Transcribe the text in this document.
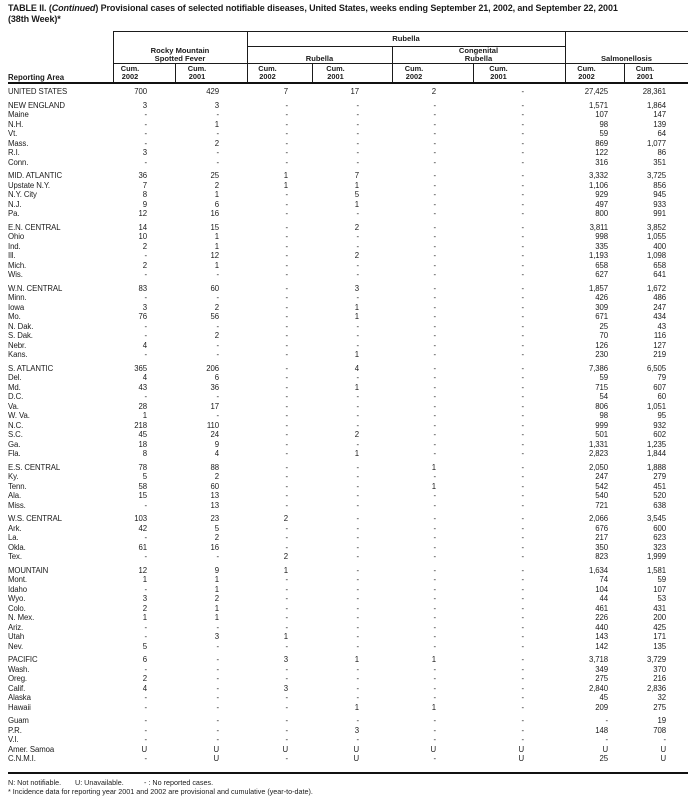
TABLE II. (Continued) Provisional cases of selected notifiable diseases, United States, weeks ending September 21, 2002, and September 22, 2001
(38th Week)*
Rubella
Rocky Mountain
Spotted Fever	Rubella
Congenital
Rubella	Salmonellosis
Reporting Area
Cum.
2002
Cum.
2001
Cum.
2002
Cum.
2001
Cum.
2002
Cum.
2001
Cum.
2002
Cum.
2001
UNITED STATES	700	429	7	17	2	-	27,425	28,361
NEW ENGLAND	3	3	-	-	-	-	1,571	1,864
Maine	-	-	-	-	-	-	107	147
N.H.	-	1	-	-	-	-	98	139
Vt.	-	-	-	-	-	-	59	64
Mass.	-	2	-	-	-	-	869	1,077
R.I.	3	-	-	-	-	-	122	86
Conn.	-	-	-	-	-	-	316	351
MID. ATLANTIC	36	25	1	7	-	-	3,332	3,725
Upstate N.Y.	7	2	1	1	-	-	1,106	856
N.Y. City	8	1	-	5	-	-	929	945
N.J.	9	6	-	1	-	-	497	933
Pa.	12	16	-	-	-	-	800	991
E.N. CENTRAL	14	15	-	2	-	-	3,811	3,852
Ohio	10	1	-	-	-	-	998	1,055
Ind.	2	1	-	-	-	-	335	400
Ill.	-	12	-	2	-	-	1,193	1,098
Mich.	2	1	-	-	-	-	658	658
Wis.	-	-	-	-	-	-	627	641
W.N. CENTRAL	83	60	-	3	-	-	1,857	1,672
Minn.	-	-	-	-	-	-	426	486
Iowa	3	2	-	1	-	-	309	247
Mo.	76	56	-	1	-	-	671	434
N. Dak.	-	-	-	-	-	-	25	43
S. Dak.	-	2	-	-	-	-	70	116
Nebr.	4	-	-	-	-	-	126	127
Kans.	-	-	-	1	-	-	230	219
S. ATLANTIC	365	206	-	4	-	-	7,386	6,505
Del.	4	6	-	-	-	-	59	79
Md.	43	36	-	1	-	-	715	607
D.C.	-	-	-	-	-	-	54	60
Va.	28	17	-	-	-	-	806	1,051
W. Va.	1	-	-	-	-	-	98	95
N.C.	218	110	-	-	-	-	999	932
S.C.	45	24	-	2	-	-	501	602
Ga.	18	9	-	-	-	-	1,331	1,235
Fla.	8	4	-	1	-	-	2,823	1,844
E.S. CENTRAL	78	88	-	-	1	-	2,050	1,888
Ky.	5	2	-	-	-	-	247	279
Tenn.	58	60	-	-	1	-	542	451
Ala.	15	13	-	-	-	-	540	520
Miss.	-	13	-	-	-	-	721	638
W.S. CENTRAL	103	23	2	-	-	-	2,066	3,545
Ark.	42	5	-	-	-	-	676	600
La.	-	2	-	-	-	-	217	623
Okla.	61	16	-	-	-	-	350	323
Tex.	-	-	2	-	-	-	823	1,999
MOUNTAIN	12	9	1	-	-	-	1,634	1,581
Mont.	1	1	-	-	-	-	74	59
Idaho	-	1	-	-	-	-	104	107
Wyo.	3	2	-	-	-	-	44	53
Colo.	2	1	-	-	-	-	461	431
N. Mex.	1	1	-	-	-	-	226	200
Ariz.	-	-	-	-	-	-	440	425
Utah	-	3	1	-	-	-	143	171
Nev.	5	-	-	-	-	-	142	135
PACIFIC	6	-	3	1	1	-	3,718	3,729
Wash.	-	-	-	-	-	-	349	370
Oreg.	2	-	-	-	-	-	275	216
Calif.	4	-	3	-	-	-	2,840	2,836
Alaska	-	-	-	-	-	-	45	32
Hawaii	-	-	-	1	1	-	209	275
Guam	-	-	-	-	-	-	-	19
P.R.	-	-	-	3	-	-	148	708
V.I.	-	-	-	-	-	-	-	-
Amer. Samoa	U	U	U	U	U	U	U	U
C.N.M.I.	-	U	-	U	-	U	25	U
N: Not notifiable. U: Unavailable.	- : No reported cases.
* Incidence data for reporting year 2001 and 2002 are provisional and cumulative (year-to-date).
